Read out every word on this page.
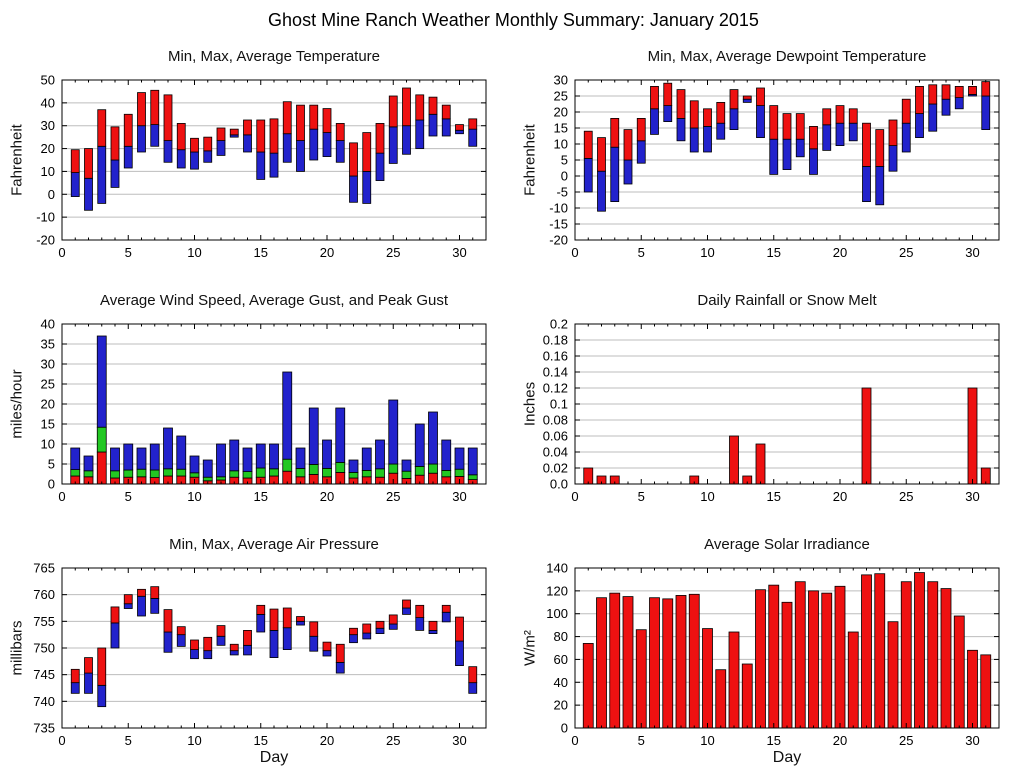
Ghost Mine Ranch Weather Monthly Summary: January 2015
Min, Max, Average Temperature
Fahrenheit
-20
-10
0
10
20
30
40
50
0	5	10	15	20	25	30
Min, Max, Average Dewpoint Temperature
Fahrenheit
-20
-15
-10
-5
0
5
10
15
20
25
30
0	5	10	15	20	25	30
Average Wind Speed, Average Gust, and Peak Gust
miles/hour
0
5
10
15
20
25
30
35
40
0	5	10	15	20	25	30
Daily Rainfall or Snow Melt
Inches
0.0
0.02
0.04
0.06
0.08
0.1
0.12
0.14
0.16
0.18
0.2
0	5	10	15	20	25	30
Min, Max, Average Air Pressure
millibars
Day
735
740
745
750
755
760
765
0	5	10	15	20	25	30
Average Solar Irradiance
W/m²
Day
0
20
40
60
80
100
120
140
0	5	10	15	20	25	30
